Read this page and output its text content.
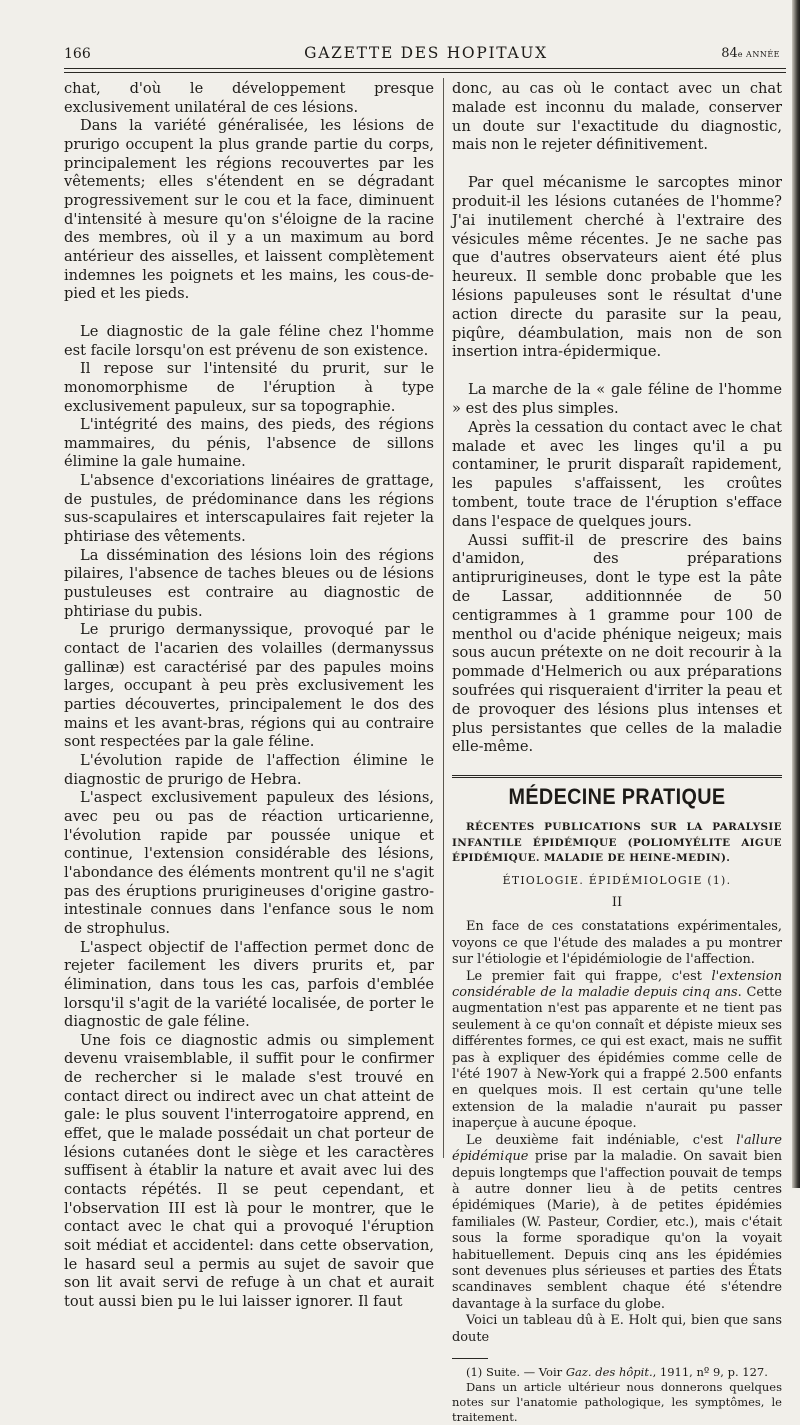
166	GAZETTE DES HOPITAUX	84e ANNÉE

chat, d'où le développement presque exclusivement unilatéral de ces lésions.

Dans la variété généralisée, les lésions de prurigo occupent la plus grande partie du corps, principalement les régions recouvertes par les vêtements; elles s'étendent en se dégradant progressivement sur le cou et la face, diminuent d'intensité à mesure qu'on s'éloigne de la racine des membres, où il y a un maximum au bord antérieur des aisselles, et laissent complètement indemnes les poignets et les mains, les cous-de-pied et les pieds.

Le diagnostic de la gale féline chez l'homme est facile lorsqu'on est prévenu de son existence.

Il repose sur l'intensité du prurit, sur le monomorphisme de l'éruption à type exclusivement papuleux, sur sa topographie.

L'intégrité des mains, des pieds, des régions mammaires, du pénis, l'absence de sillons élimine la gale humaine.

L'absence d'excoriations linéaires de grattage, de pustules, de prédominance dans les régions sus-scapulaires et interscapulaires fait rejeter la phtiriase des vêtements.

La dissémination des lésions loin des régions pilaires, l'absence de taches bleues ou de lésions pustuleuses est contraire au diagnostic de phtiriase du pubis.

Le prurigo dermanyssique, provoqué par le contact de l'acarien des volailles (dermanyssus gallinæ) est caractérisé par des papules moins larges, occupant à peu près exclusivement les parties découvertes, principalement le dos des mains et les avant-bras, régions qui au contraire sont respectées par la gale féline.

L'évolution rapide de l'affection élimine le diagnostic de prurigo de Hebra.

L'aspect exclusivement papuleux des lésions, avec peu ou pas de réaction urticarienne, l'évolution rapide par poussée unique et continue, l'extension considérable des lésions, l'abondance des éléments montrent qu'il ne s'agit pas des éruptions prurigineuses d'origine gastro-intestinale connues dans l'enfance sous le nom de strophulus.

L'aspect objectif de l'affection permet donc de rejeter facilement les divers prurits et, par élimination, dans tous les cas, parfois d'emblée lorsqu'il s'agit de la variété localisée, de porter le diagnostic de gale féline.

Une fois ce diagnostic admis ou simplement devenu vraisemblable, il suffit pour le confirmer de rechercher si le malade s'est trouvé en contact direct ou indirect avec un chat atteint de gale: le plus souvent l'interrogatoire apprend, en effet, que le malade possédait un chat porteur de lésions cutanées dont le siège et les caractères suffisent à établir la nature et avait avec lui des contacts répétés. Il se peut cependant, et l'observation III est là pour le montrer, que le contact avec le chat qui a provoqué l'éruption soit médiat et accidentel: dans cette observation, le hasard seul a permis au sujet de savoir que son lit avait servi de refuge à un chat et aurait tout aussi bien pu le lui laisser ignorer. Il faut

donc, au cas où le contact avec un chat malade est inconnu du malade, conserver un doute sur l'exactitude du diagnostic, mais non le rejeter définitivement.

Par quel mécanisme le sarcoptes minor produit-il les lésions cutanées de l'homme? J'ai inutilement cherché à l'extraire des vésicules même récentes. Je ne sache pas que d'autres observateurs aient été plus heureux. Il semble donc probable que les lésions papuleuses sont le résultat d'une action directe du parasite sur la peau, piqûre, déambulation, mais non de son insertion intra-épidermique.

La marche de la « gale féline de l'homme » est des plus simples.

Après la cessation du contact avec le chat malade et avec les linges qu'il a pu contaminer, le prurit disparaît rapidement, les papules s'affaissent, les croûtes tombent, toute trace de l'éruption s'efface dans l'espace de quelques jours.

Aussi suffit-il de prescrire des bains d'amidon, des préparations antiprurigineuses, dont le type est la pâte de Lassar, additionnnée de 50 centigrammes à 1 gramme pour 100 de menthol ou d'acide phénique neigeux; mais sous aucun prétexte on ne doit recourir à la pommade d'Helmerich ou aux préparations soufrées qui risqueraient d'irriter la peau et de provoquer des lésions plus intenses et plus persistantes que celles de la maladie elle-même.

MÉDECINE PRATIQUE
RÉCENTES PUBLICATIONS SUR LA PARALYSIE INFANTILE ÉPIDÉMIQUE (POLIOMYÉLITE AIGUE ÉPIDÉMIQUE. MALADIE DE HEINE-MEDIN).

ÉTIOLOGIE. ÉPIDÉMIOLOGIE (1).

II

En face de ces constatations expérimentales, voyons ce que l'étude des malades a pu montrer sur l'étiologie et l'épidémiologie de l'affection.

Le premier fait qui frappe, c'est l'extension considérable de la maladie depuis cinq ans. Cette augmentation n'est pas apparente et ne tient pas seulement à ce qu'on connaît et dépiste mieux ses différentes formes, ce qui est exact, mais ne suffit pas à expliquer des épidémies comme celle de l'été 1907 à New-York qui a frappé 2.500 enfants en quelques mois. Il est certain qu'une telle extension de la maladie n'aurait pu passer inaperçue à aucune époque.

Le deuxième fait indéniable, c'est l'allure épidémique prise par la maladie. On savait bien depuis longtemps que l'affection pouvait de temps à autre donner lieu à de petits centres épidémiques (Marie), à de petites épidémies familiales (W. Pasteur, Cordier, etc.), mais c'était sous la forme sporadique qu'on la voyait habituellement. Depuis cinq ans les épidémies sont devenues plus sérieuses et parties des États scandinaves semblent chaque été s'étendre davantage à la surface du globe.

Voici un tableau dû à E. Holt qui, bien que sans doute

(1) Suite. — Voir Gaz. des hôpit., 1911, nº 9, p. 127.

Dans un article ultérieur nous donnerons quelques notes sur l'anatomie pathologique, les symptômes, le traitement.
